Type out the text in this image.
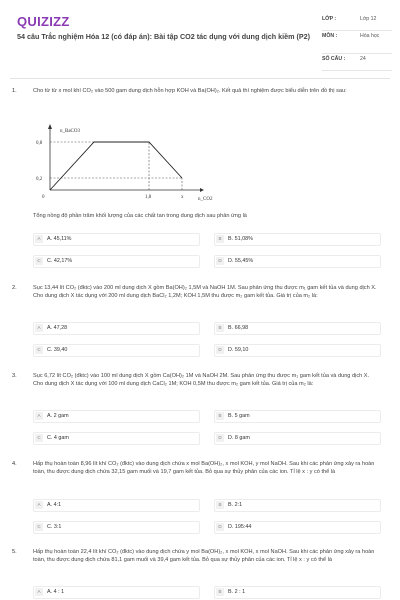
QUIZIZZ
54 câu Trắc nghiệm Hóa 12 (có đáp án): Bài tập CO2 tác dụng với dung dịch kiềm (P2)
LỚP :	Lớp 12
MÔN :	Hóa học
SỐ CÂU :	24
1.	Cho từ từ x mol khí CO₂ vào 500 gam dung dịch hỗn hợp KOH và Ba(OH)₂. Kết quả thí nghiệm được biểu diễn trên đồ thị sau:
n_BaCO3
n_CO2
0,8
0,2
0	1,8	x
Tổng nồng độ phần trăm khối lượng của các chất tan trong dung dịch sau phản ứng là
A	A. 45,11%	B	B. 51,08%
C	C. 42,17%	D	D. 55,45%
2.	Sục 13,44 lít CO₂ (đktc) vào 200 ml dung dịch X gồm Ba(OH)₂ 1,5M và NaOH 1M. Sau phản ứng thu được m₁ gam kết tủa và dung dịch X. Cho dung dịch X tác dụng với 200 ml dung dịch BaCl₂ 1,2M; KOH 1,5M thu được m₂ gam kết tủa. Giá trị của m₂ là:
A	A. 47,28	B	B. 66,98
C	C. 39,40	D	D. 59,10
3.	Sục 6,72 lít CO₂ (đktc) vào 100 ml dung dịch X gồm Ca(OH)₂ 1M và NaOH 2M. Sau phản ứng thu được m₁ gam kết tủa và dung dịch X. Cho dung dịch X tác dụng với 100 ml dung dịch CaCl₂ 1M; KOH 0,5M thu được m₂ gam kết tủa. Giá trị của m₂ là:
A	A. 2 gam	B	B. 5 gam
C	C. 4 gam	D	D. 8 gam
4.	Hấp thụ hoàn toàn 8,96 lít khí CO₂ (đktc) vào dung dịch chứa x mol Ba(OH)₂, x mol KOH, y mol NaOH. Sau khi các phản ứng xảy ra hoàn toàn, thu được dung dịch chứa 32,15 gam muối và 19,7 gam kết tủa. Bỏ qua sự thủy phân của các ion. Tỉ lệ x : y có thể là
A	A. 4:1	B	B. 2:1
C	C. 3:1	D	D. 195:44
5.	Hấp thụ hoàn toàn 22,4 lít khí CO₂ (đktc) vào dung dịch chứa y mol Ba(OH)₂, x mol KOH, x mol NaOH. Sau khi các phản ứng xảy ra hoàn toàn, thu được dung dịch chứa 81,1 gam muối và 39,4 gam kết tủa. Bỏ qua sự thủy phân của các ion. Tỉ lệ x : y có thể là
A	A. 4 : 1	B	B. 2 : 1
